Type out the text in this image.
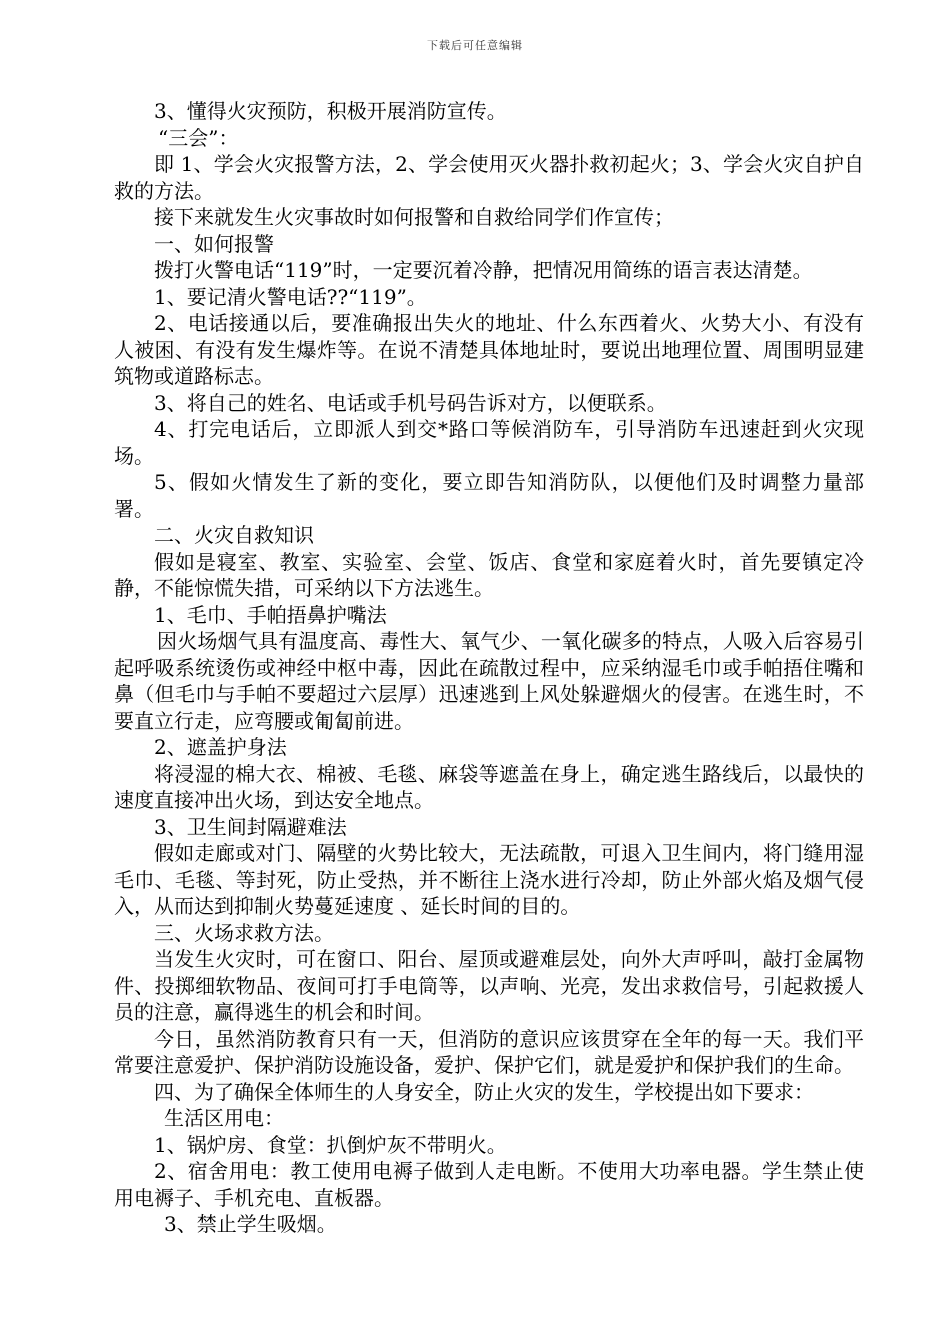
下载后可任意编辑

3、懂得火灾预防，积极开展消防宣传。

“三会”：

即 1、学会火灾报警方法，2、学会使用灭火器扑救初起火；3、学会火灾自护自救的方法。

接下来就发生火灾事故时如何报警和自救给同学们作宣传；

一、如何报警

拨打火警电话“119”时，一定要沉着冷静，把情况用简练的语言表达清楚。

1、要记清火警电话??“119”。

2、电话接通以后，要准确报出失火的地址、什么东西着火、火势大小、有没有人被困、有没有发生爆炸等。在说不清楚具体地址时，要说出地理位置、周围明显建筑物或道路标志。

3、将自己的姓名、电话或手机号码告诉对方，以便联系。

4、打完电话后，立即派人到交*路口等候消防车，引导消防车迅速赶到火灾现场。

5、假如火情发生了新的变化，要立即告知消防队，以便他们及时调整力量部署。

二、火灾自救知识

假如是寝室、教室、实验室、会堂、饭店、食堂和家庭着火时，首先要镇定冷静，不能惊慌失措，可采纳以下方法逃生。

1、毛巾、手帕捂鼻护嘴法

因火场烟气具有温度高、毒性大、氧气少、一氧化碳多的特点，人吸入后容易引起呼吸系统烫伤或神经中枢中毒，因此在疏散过程中，应采纳湿毛巾或手帕捂住嘴和鼻（但毛巾与手帕不要超过六层厚）迅速逃到上风处躲避烟火的侵害。在逃生时，不要直立行走，应弯腰或匍匐前进。

2、遮盖护身法

将浸湿的棉大衣、棉被、毛毯、麻袋等遮盖在身上，确定逃生路线后，以最快的速度直接冲出火场，到达安全地点。

3、卫生间封隔避难法

假如走廊或对门、隔壁的火势比较大，无法疏散，可退入卫生间内，将门缝用湿毛巾、毛毯、等封死，防止受热，并不断往上浇水进行冷却，防止外部火焰及烟气侵入，从而达到抑制火势蔓延速度 、延长时间的目的。

三、火场求救方法。

当发生火灾时，可在窗口、阳台、屋顶或避难层处，向外大声呼叫，敲打金属物件、投掷细软物品、夜间可打手电筒等，以声响、光亮，发出求救信号，引起救援人员的注意，赢得逃生的机会和时间。

今日，虽然消防教育只有一天，但消防的意识应该贯穿在全年的每一天。我们平常要注意爱护、保护消防设施设备，爱护、保护它们，就是爱护和保护我们的生命。

四、为了确保全体师生的人身安全，防止火灾的发生，学校提出如下要求：

生活区用电：

1、锅炉房、食堂：扒倒炉灰不带明火。

2、宿舍用电：教工使用电褥子做到人走电断。不使用大功率电器。学生禁止使用电褥子、手机充电、直板器。

3、禁止学生吸烟。
